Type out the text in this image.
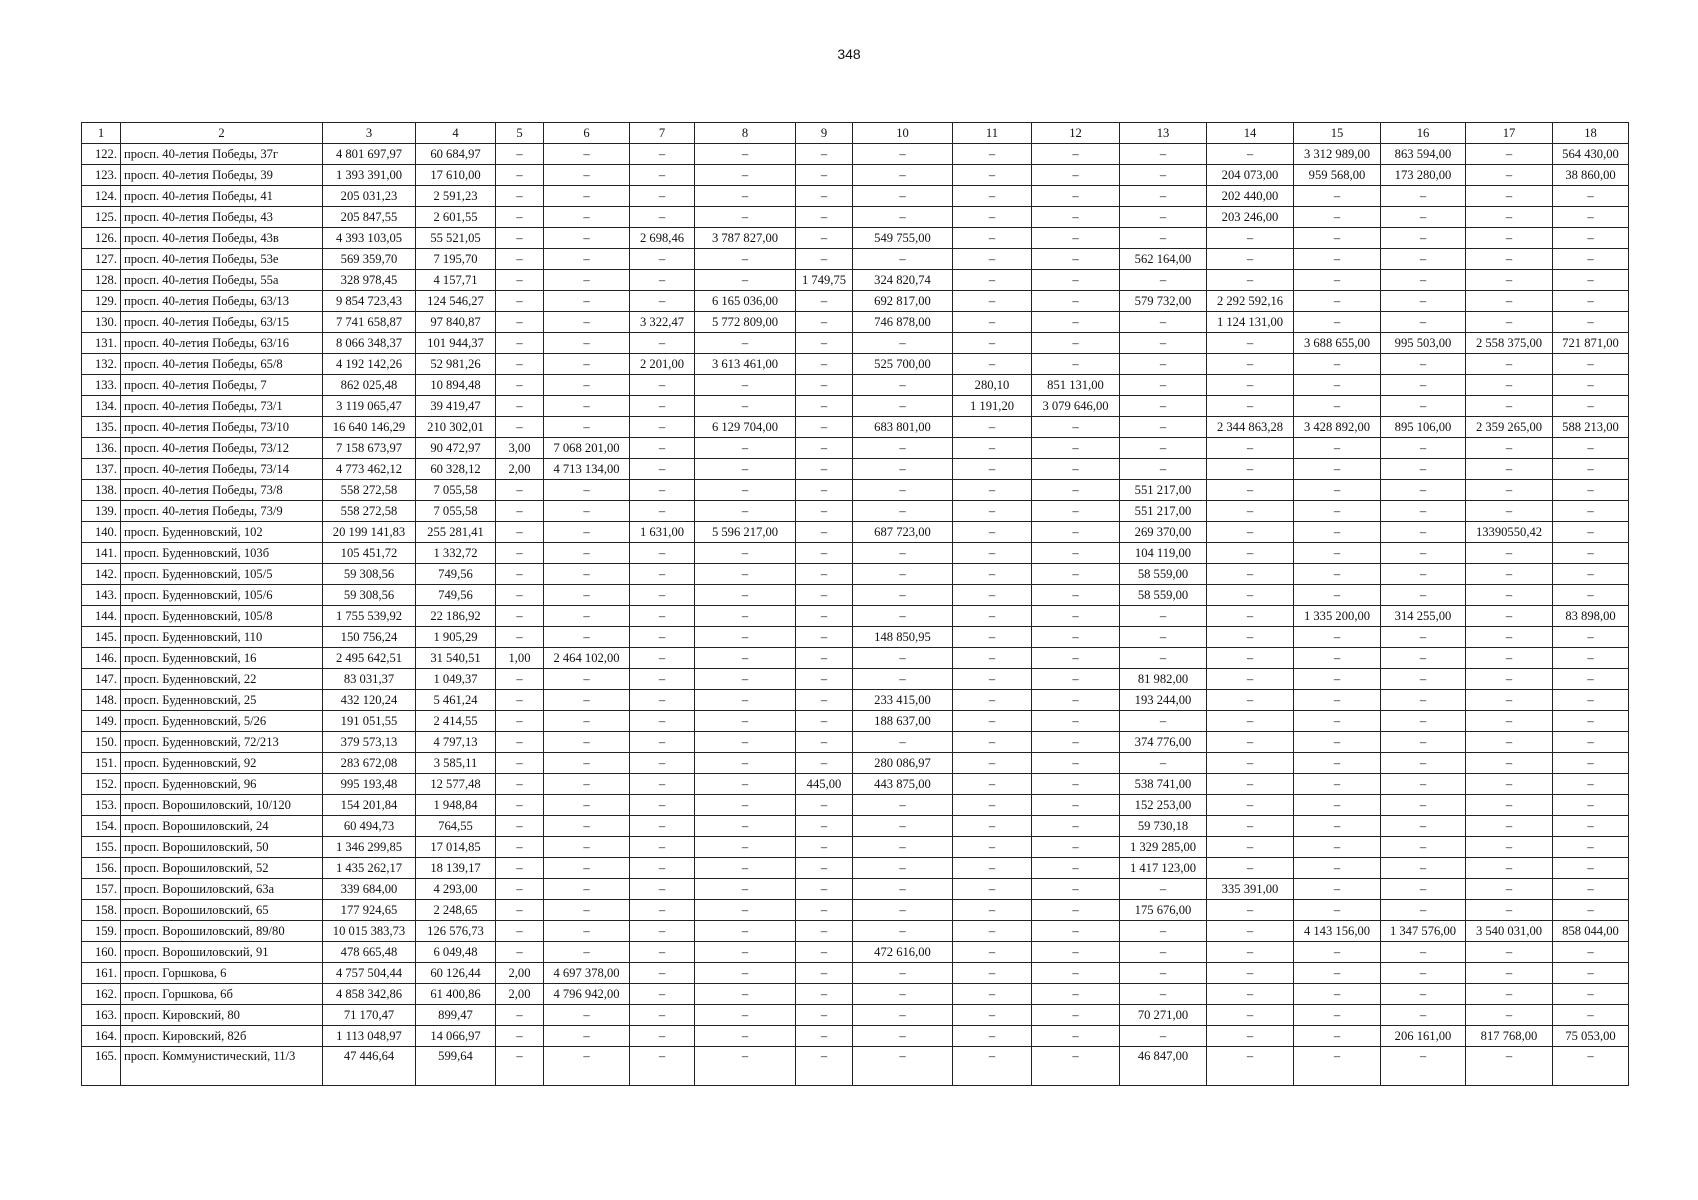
348
1	2	3	4	5	6	7	8	9	10	11	12	13	14	15	16	17	18
122.	просп. 40-летия Победы, 37г	4 801 697,97	60 684,97	–	–	–	–	–	–	–	–	–	–	3 312 989,00	863 594,00	–	564 430,00
123.	просп. 40-летия Победы, 39	1 393 391,00	17 610,00	–	–	–	–	–	–	–	–	–	204 073,00	959 568,00	173 280,00	–	38 860,00
124.	просп. 40-летия Победы, 41	205 031,23	2 591,23	–	–	–	–	–	–	–	–	–	202 440,00	–	–	–	–
125.	просп. 40-летия Победы, 43	205 847,55	2 601,55	–	–	–	–	–	–	–	–	–	203 246,00	–	–	–	–
126.	просп. 40-летия Победы, 43в	4 393 103,05	55 521,05	–	–	2 698,46	3 787 827,00	–	549 755,00	–	–	–	–	–	–	–	–
127.	просп. 40-летия Победы, 53е	569 359,70	7 195,70	–	–	–	–	–	–	–	–	562 164,00	–	–	–	–	–
128.	просп. 40-летия Победы, 55а	328 978,45	4 157,71	–	–	–	–	1 749,75	324 820,74	–	–	–	–	–	–	–	–
129.	просп. 40-летия Победы, 63/13	9 854 723,43	124 546,27	–	–	–	6 165 036,00	–	692 817,00	–	–	579 732,00	2 292 592,16	–	–	–	–
130.	просп. 40-летия Победы, 63/15	7 741 658,87	97 840,87	–	–	3 322,47	5 772 809,00	–	746 878,00	–	–	–	1 124 131,00	–	–	–	–
131.	просп. 40-летия Победы, 63/16	8 066 348,37	101 944,37	–	–	–	–	–	–	–	–	–	–	3 688 655,00	995 503,00	2 558 375,00	721 871,00
132.	просп. 40-летия Победы, 65/8	4 192 142,26	52 981,26	–	–	2 201,00	3 613 461,00	–	525 700,00	–	–	–	–	–	–	–	–
133.	просп. 40-летия Победы, 7	862 025,48	10 894,48	–	–	–	–	–	–	280,10	851 131,00	–	–	–	–	–	–
134.	просп. 40-летия Победы, 73/1	3 119 065,47	39 419,47	–	–	–	–	–	–	1 191,20	3 079 646,00	–	–	–	–	–	–
135.	просп. 40-летия Победы, 73/10	16 640 146,29	210 302,01	–	–	–	6 129 704,00	–	683 801,00	–	–	–	2 344 863,28	3 428 892,00	895 106,00	2 359 265,00	588 213,00
136.	просп. 40-летия Победы, 73/12	7 158 673,97	90 472,97	3,00	7 068 201,00	–	–	–	–	–	–	–	–	–	–	–	–
137.	просп. 40-летия Победы, 73/14	4 773 462,12	60 328,12	2,00	4 713 134,00	–	–	–	–	–	–	–	–	–	–	–	–
138.	просп. 40-летия Победы, 73/8	558 272,58	7 055,58	–	–	–	–	–	–	–	–	551 217,00	–	–	–	–	–
139.	просп. 40-летия Победы, 73/9	558 272,58	7 055,58	–	–	–	–	–	–	–	–	551 217,00	–	–	–	–	–
140.	просп. Буденновский, 102	20 199 141,83	255 281,41	–	–	1 631,00	5 596 217,00	–	687 723,00	–	–	269 370,00	–	–	–	13390550,42	–
141.	просп. Буденновский, 103б	105 451,72	1 332,72	–	–	–	–	–	–	–	–	104 119,00	–	–	–	–	–
142.	просп. Буденновский, 105/5	59 308,56	749,56	–	–	–	–	–	–	–	–	58 559,00	–	–	–	–	–
143.	просп. Буденновский, 105/6	59 308,56	749,56	–	–	–	–	–	–	–	–	58 559,00	–	–	–	–	–
144.	просп. Буденновский, 105/8	1 755 539,92	22 186,92	–	–	–	–	–	–	–	–	–	–	1 335 200,00	314 255,00	–	83 898,00
145.	просп. Буденновский, 110	150 756,24	1 905,29	–	–	–	–	–	148 850,95	–	–	–	–	–	–	–	–
146.	просп. Буденновский, 16	2 495 642,51	31 540,51	1,00	2 464 102,00	–	–	–	–	–	–	–	–	–	–	–	–
147.	просп. Буденновский, 22	83 031,37	1 049,37	–	–	–	–	–	–	–	–	81 982,00	–	–	–	–	–
148.	просп. Буденновский, 25	432 120,24	5 461,24	–	–	–	–	–	233 415,00	–	–	193 244,00	–	–	–	–	–
149.	просп. Буденновский, 5/26	191 051,55	2 414,55	–	–	–	–	–	188 637,00	–	–	–	–	–	–	–	–
150.	просп. Буденновский, 72/213	379 573,13	4 797,13	–	–	–	–	–	–	–	–	374 776,00	–	–	–	–	–
151.	просп. Буденновский, 92	283 672,08	3 585,11	–	–	–	–	–	280 086,97	–	–	–	–	–	–	–	–
152.	просп. Буденновский, 96	995 193,48	12 577,48	–	–	–	–	445,00	443 875,00	–	–	538 741,00	–	–	–	–	–
153.	просп. Ворошиловский, 10/120	154 201,84	1 948,84	–	–	–	–	–	–	–	–	152 253,00	–	–	–	–	–
154.	просп. Ворошиловский, 24	60 494,73	764,55	–	–	–	–	–	–	–	–	59 730,18	–	–	–	–	–
155.	просп. Ворошиловский, 50	1 346 299,85	17 014,85	–	–	–	–	–	–	–	–	1 329 285,00	–	–	–	–	–
156.	просп. Ворошиловский, 52	1 435 262,17	18 139,17	–	–	–	–	–	–	–	–	1 417 123,00	–	–	–	–	–
157.	просп. Ворошиловский, 63а	339 684,00	4 293,00	–	–	–	–	–	–	–	–	–	335 391,00	–	–	–	–
158.	просп. Ворошиловский, 65	177 924,65	2 248,65	–	–	–	–	–	–	–	–	175 676,00	–	–	–	–	–
159.	просп. Ворошиловский, 89/80	10 015 383,73	126 576,73	–	–	–	–	–	–	–	–	–	–	4 143 156,00	1 347 576,00	3 540 031,00	858 044,00
160.	просп. Ворошиловский, 91	478 665,48	6 049,48	–	–	–	–	–	472 616,00	–	–	–	–	–	–	–	–
161.	просп. Горшкова, 6	4 757 504,44	60 126,44	2,00	4 697 378,00	–	–	–	–	–	–	–	–	–	–	–	–
162.	просп. Горшкова, 6б	4 858 342,86	61 400,86	2,00	4 796 942,00	–	–	–	–	–	–	–	–	–	–	–	–
163.	просп. Кировский, 80	71 170,47	899,47	–	–	–	–	–	–	–	–	70 271,00	–	–	–	–	–
164.	просп. Кировский, 82б	1 113 048,97	14 066,97	–	–	–	–	–	–	–	–	–	–	–	206 161,00	817 768,00	75 053,00
165.	просп. Коммунистический, 11/3	47 446,64	599,64	–	–	–	–	–	–	–	–	46 847,00	–	–	–	–	–
